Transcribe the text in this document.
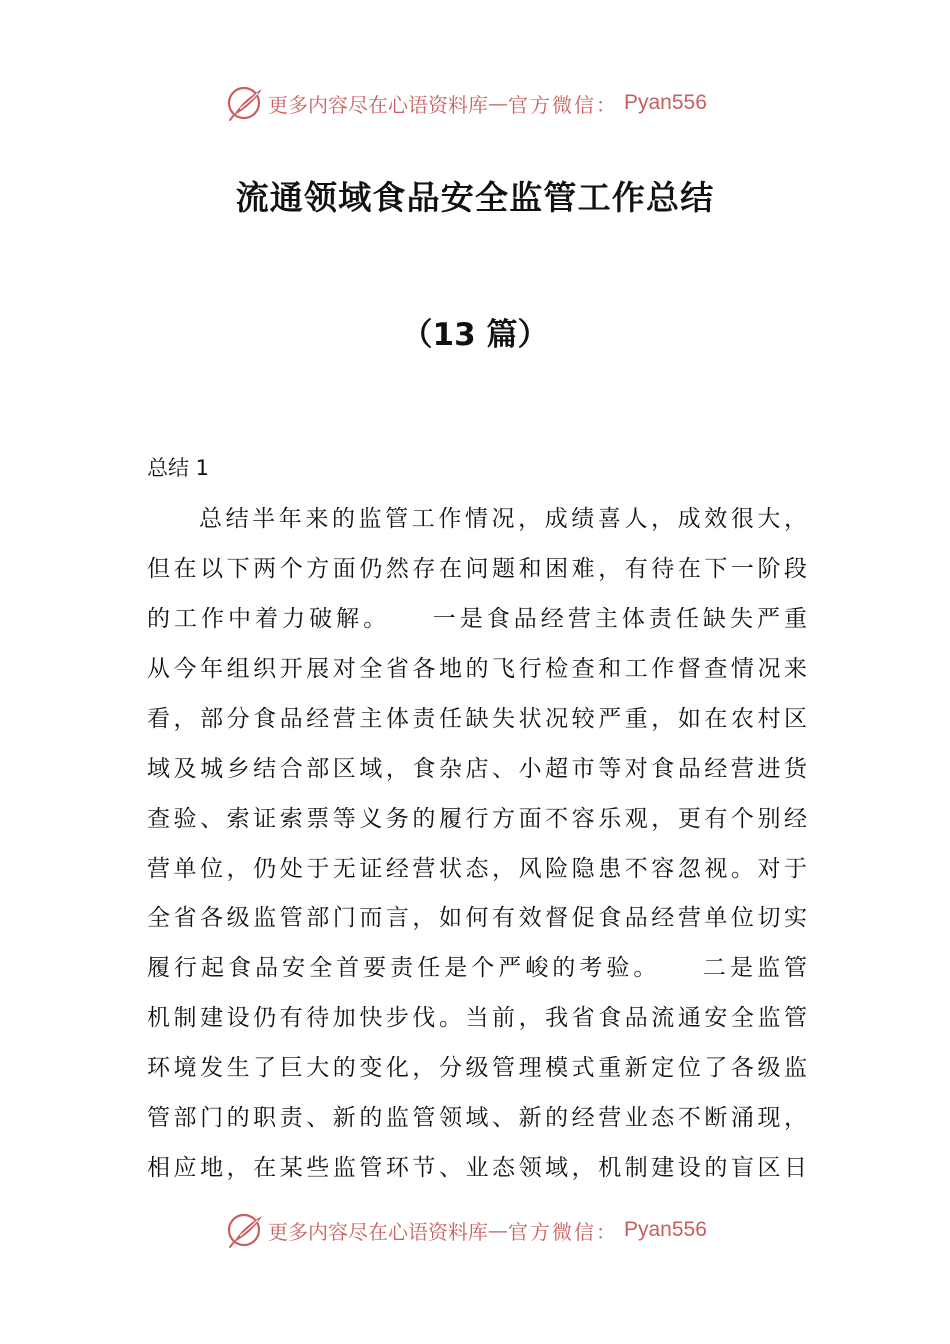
更多内容尽在心语资料库 — 官方微信： Pyan556
流通领域食品安全监管工作总结
（13 篇）

总结 1

总结半年来的监管工作情况，成绩喜人，成效很大，

但在以下两个方面仍然存在问题和困难，有待在下一阶段

的工作中着力破解。　　一是食品经营主体责任缺失严重

从今年组织开展对全省各地的飞行检查和工作督查情况来

看，部分食品经营主体责任缺失状况较严重，如在农村区

域及城乡结合部区域，食杂店、小超市等对食品经营进货

查验、索证索票等义务的履行方面不容乐观，更有个别经

营单位，仍处于无证经营状态，风险隐患不容忽视。对于

全省各级监管部门而言，如何有效督促食品经营单位切实

履行起食品安全首要责任是个严峻的考验。　　二是监管

机制建设仍有待加快步伐。当前，我省食品流通安全监管

环境发生了巨大的变化，分级管理模式重新定位了各级监

管部门的职责、新的监管领域、新的经营业态不断涌现，

相应地，在某些监管环节、业态领域，机制建设的盲区日

更多内容尽在心语资料库 — 官方微信： Pyan556
